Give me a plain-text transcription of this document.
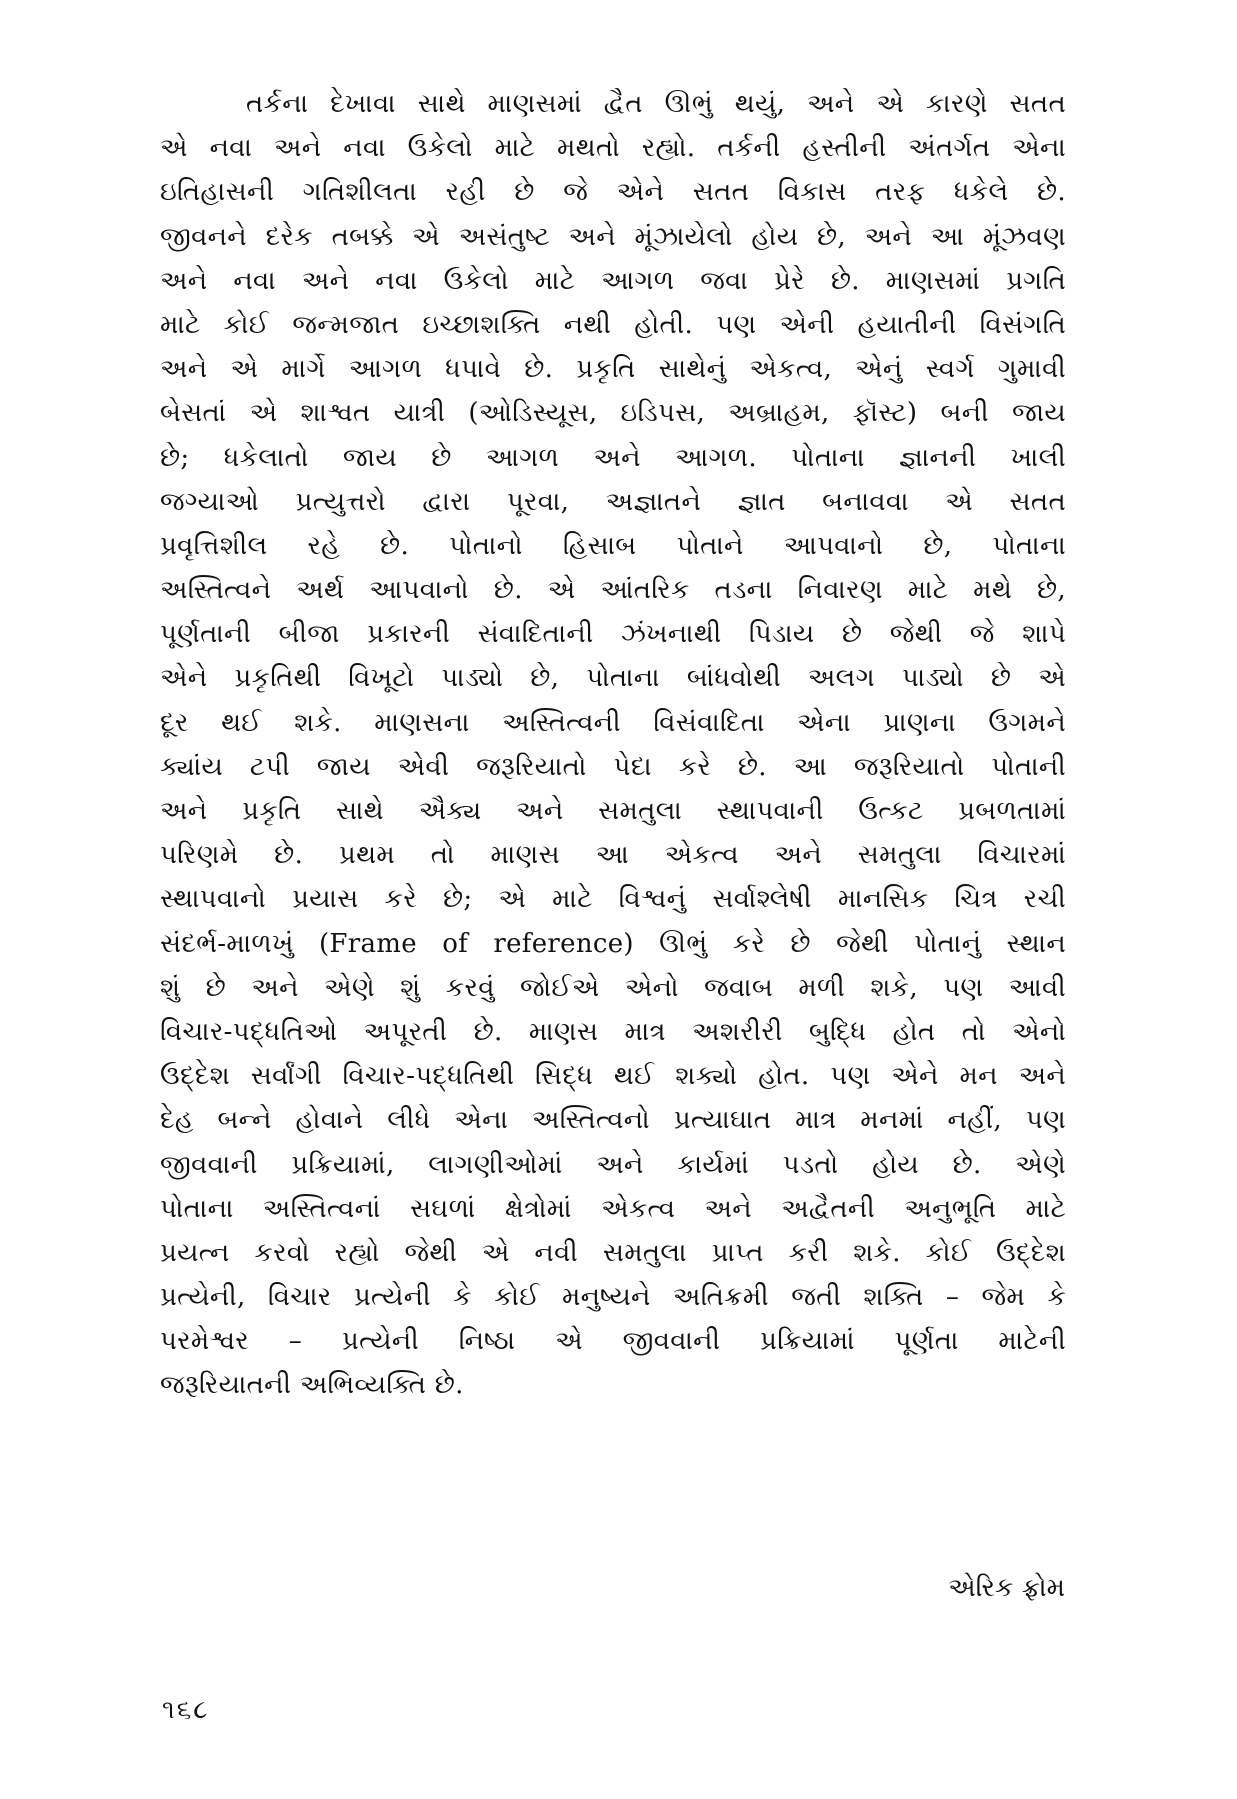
તર્કના દેખાવા સાથે માણસમાં દ્વૈત ઊભું થયું, અને એ કારણે સતત
એ નવા અને નવા ઉકેલો માટે મથતો રહ્યો. તર્કની હસ્તીની અંતર્ગત એના
ઇતિહાસની ગતિશીલતા રહી છે જે એને સતત વિકાસ તરફ ધકેલે છે.
જીવનને દરેક તબક્કે એ અસંતુષ્ટ અને મૂંઝાયેલો હોય છે, અને આ મૂંઝવણ
અને નવા અને નવા ઉકેલો માટે આગળ જવા પ્રેરે છે. માણસમાં પ્રગતિ
માટે કોઈ જન્મજાત ઇચ્છાશક્તિ નથી હોતી. પણ એની હયાતીની વિસંગતિ
અને એ માર્ગે આગળ ધપાવે છે. પ્રકૃતિ સાથેનું એકત્વ, એનું સ્વર્ગ ગુમાવી
બેસતાં એ શાશ્વત યાત્રી (ઓડિસ્યૂસ, ઇડિપસ, અબ્રાહમ, ફૉસ્ટ) બની જાય
છે; ધકેલાતો જાય છે આગળ અને આગળ. પોતાના જ્ઞાનની ખાલી
જગ્યાઓ પ્રત્યુત્તરો દ્વારા પૂરવા, અજ્ઞાતને જ્ઞાત બનાવવા એ સતત
પ્રવૃત્તિશીલ રહે છે. પોતાનો હિસાબ પોતાને આપવાનો છે, પોતાના
અસ્તિત્વને અર્થ આપવાનો છે. એ આંતરિક તડના નિવારણ માટે મથે છે,
પૂર્ણતાની બીજા પ્રકારની સંવાદિતાની ઝંખનાથી પિડાય છે જેથી જે શાપે
એને પ્રકૃતિથી વિખૂટો પાડ્યો છે, પોતાના બાંધવોથી અલગ પાડ્યો છે એ
દૂર થઈ શકે. માણસના અસ્તિત્વની વિસંવાદિતા એના પ્રાણના ઉગમને
ક્યાંય ટપી જાય એવી જરૂરિયાતો પેદા કરે છે. આ જરૂરિયાતો પોતાની
અને પ્રકૃતિ સાથે ઐક્ય અને સમતુલા સ્થાપવાની ઉત્કટ પ્રબળતામાં
પરિણમે છે. પ્રથમ તો માણસ આ એકત્વ અને સમતુલા વિચારમાં
સ્થાપવાનો પ્રયાસ કરે છે; એ માટે વિશ્વનું સર્વાશ્લેષી માનસિક ચિત્ર રચી
સંદર્ભ-માળખું (Frame of reference) ઊભું કરે છે જેથી પોતાનું સ્થાન
શું છે અને એણે શું કરવું જોઈએ એનો જવાબ મળી શકે, પણ આવી
વિચાર-પદ્ધતિઓ અપૂરતી છે. માણસ માત્ર અશરીરી બુદ્ધિ હોત તો એનો
ઉદ્દેશ સર્વાંગી વિચાર-પદ્ધતિથી સિદ્ધ થઈ શક્યો હોત. પણ એને મન અને
દેહ બન્ને હોવાને લીધે એના અસ્તિત્વનો પ્રત્યાઘાત માત્ર મનમાં નહીં, પણ
જીવવાની પ્રક્રિયામાં, લાગણીઓમાં અને કાર્યમાં પડતો હોય છે. એણે
પોતાના અસ્તિત્વનાં સઘળાં ક્ષેત્રોમાં એકત્વ અને અદ્વૈતની અનુભૂતિ માટે
પ્રયત્ન કરવો રહ્યો જેથી એ નવી સમતુલા પ્રાપ્ત કરી શકે. કોઈ ઉદ્દેશ
પ્રત્યેની, વિચાર પ્રત્યેની કે કોઈ મનુષ્યને અતિક્રમી જતી શક્તિ – જેમ કે
પરમેશ્વર – પ્રત્યેની નિષ્ઠા એ જીવવાની પ્રક્રિયામાં પૂર્ણતા માટેની
જરૂરિયાતની અભિવ્યક્તિ છે.
એરિક ફ્રોમ
૧૬૮
